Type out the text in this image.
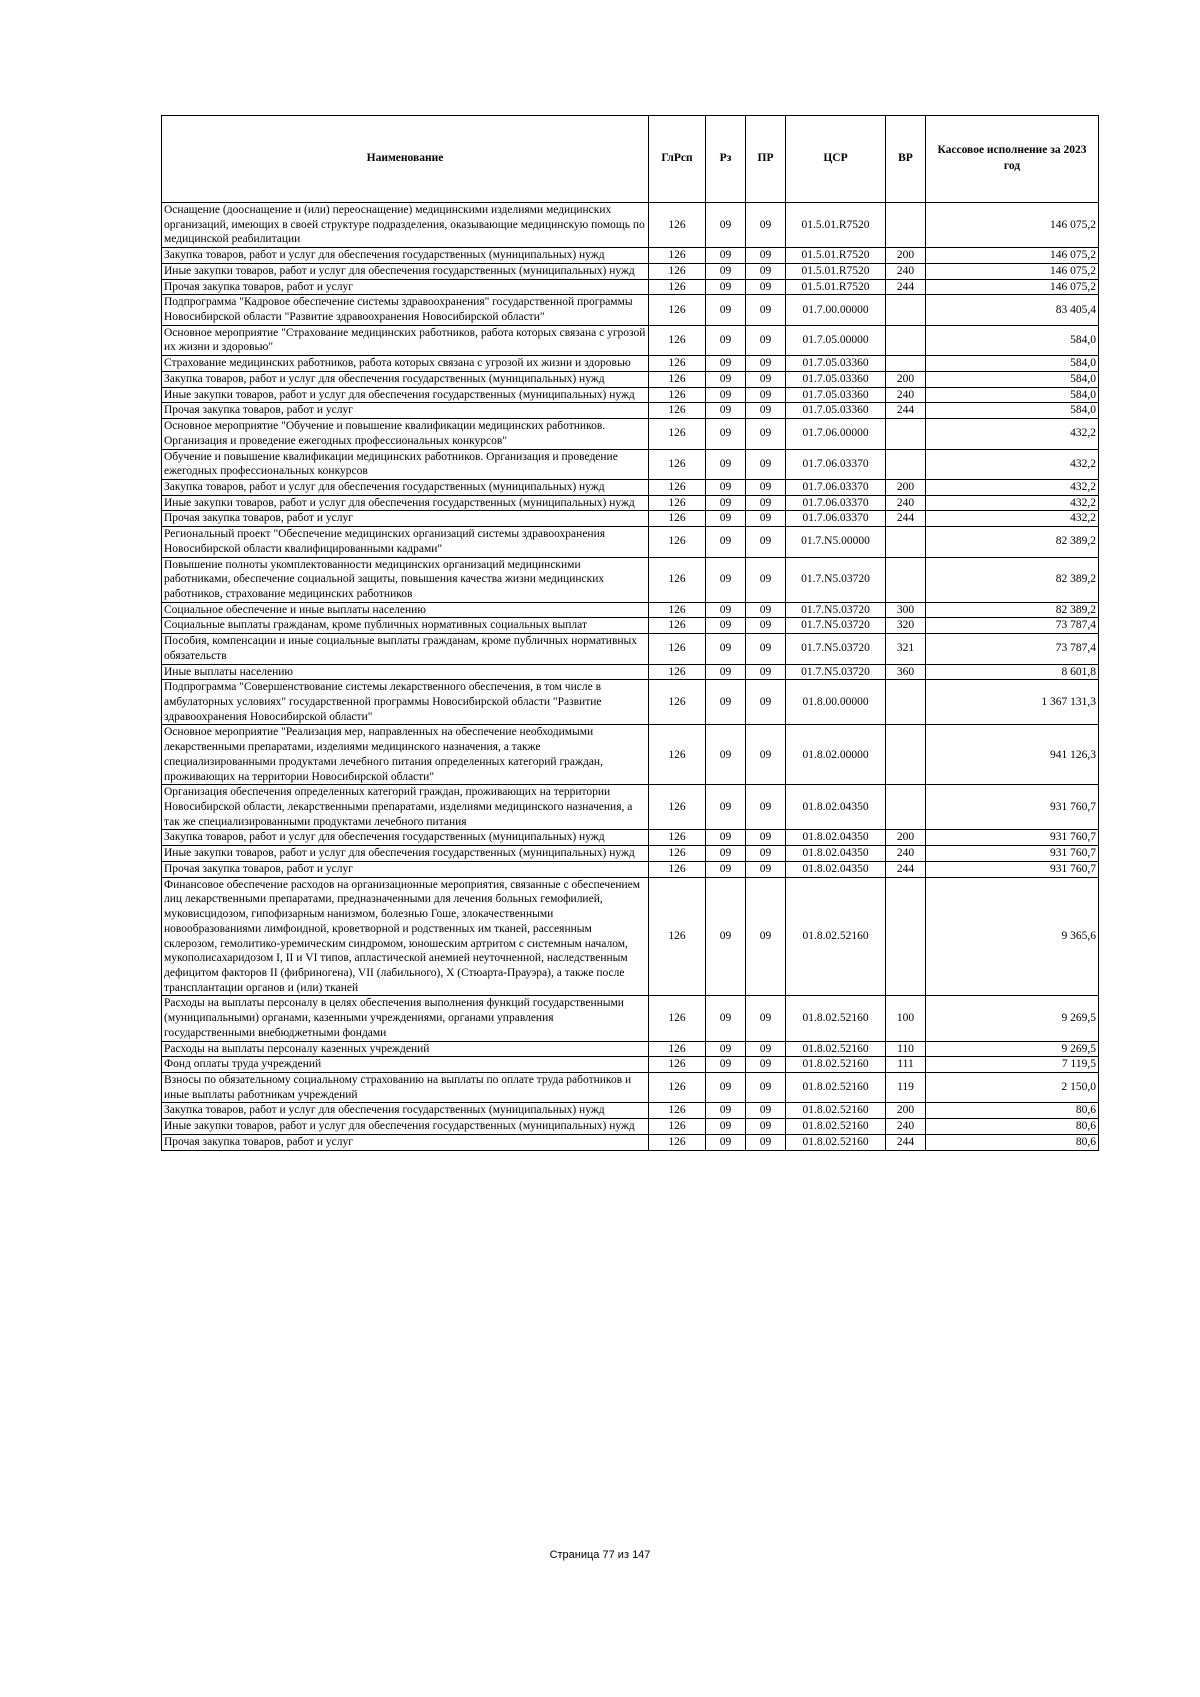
Наименование	ГлРсп	Рз	ПР	ЦСР	ВР	Кассовое исполнение за 2023 год
Оснащение (дооснащение и (или) переоснащение) медицинскими изделиями медицинских организаций, имеющих в своей структуре подразделения, оказывающие медицинскую помощь по медицинской реабилитации	126	09	09	01.5.01.R7520		146 075,2
Закупка товаров, работ и услуг для обеспечения государственных (муниципальных) нужд	126	09	09	01.5.01.R7520	200	146 075,2
Иные закупки товаров, работ и услуг для обеспечения государственных (муниципальных) нужд	126	09	09	01.5.01.R7520	240	146 075,2
Прочая закупка товаров, работ и услуг	126	09	09	01.5.01.R7520	244	146 075,2
Подпрограмма "Кадровое обеспечение системы здравоохранения" государственной программы Новосибирской области "Развитие здравоохранения Новосибирской области"	126	09	09	01.7.00.00000		83 405,4
Основное мероприятие "Страхование медицинских работников, работа которых связана с угрозой их жизни и здоровью"	126	09	09	01.7.05.00000		584,0
Страхование медицинских работников, работа которых связана с угрозой их жизни и здоровью	126	09	09	01.7.05.03360		584,0
Закупка товаров, работ и услуг для обеспечения государственных (муниципальных) нужд	126	09	09	01.7.05.03360	200	584,0
Иные закупки товаров, работ и услуг для обеспечения государственных (муниципальных) нужд	126	09	09	01.7.05.03360	240	584,0
Прочая закупка товаров, работ и услуг	126	09	09	01.7.05.03360	244	584,0
Основное мероприятие "Обучение и повышение квалификации медицинских работников. Организация и проведение ежегодных профессиональных конкурсов"	126	09	09	01.7.06.00000		432,2
Обучение и повышение квалификации медицинских работников. Организация и проведение ежегодных профессиональных конкурсов	126	09	09	01.7.06.03370		432,2
Закупка товаров, работ и услуг для обеспечения государственных (муниципальных) нужд	126	09	09	01.7.06.03370	200	432,2
Иные закупки товаров, работ и услуг для обеспечения государственных (муниципальных) нужд	126	09	09	01.7.06.03370	240	432,2
Прочая закупка товаров, работ и услуг	126	09	09	01.7.06.03370	244	432,2
Региональный проект "Обеспечение медицинских организаций системы здравоохранения Новосибирской области квалифицированными кадрами"	126	09	09	01.7.N5.00000		82 389,2
Повышение полноты укомплектованности медицинских организаций медицинскими работниками, обеспечение социальной защиты, повышения качества жизни медицинских работников, страхование медицинских работников	126	09	09	01.7.N5.03720		82 389,2
Социальное обеспечение и иные выплаты населению	126	09	09	01.7.N5.03720	300	82 389,2
Социальные выплаты гражданам, кроме публичных нормативных социальных выплат	126	09	09	01.7.N5.03720	320	73 787,4
Пособия, компенсации и иные социальные выплаты гражданам, кроме публичных нормативных обязательств	126	09	09	01.7.N5.03720	321	73 787,4
Иные выплаты населению	126	09	09	01.7.N5.03720	360	8 601,8
Подпрограмма "Совершенствование системы лекарственного обеспечения, в том числе в амбулаторных условиях" государственной программы Новосибирской области "Развитие здравоохранения Новосибирской области"	126	09	09	01.8.00.00000		1 367 131,3
Основное мероприятие "Реализация мер, направленных на обеспечение необходимыми лекарственными препаратами, изделиями медицинского назначения, а также специализированными продуктами лечебного питания определенных категорий граждан, проживающих на территории Новосибирской области"	126	09	09	01.8.02.00000		941 126,3
Организация обеспечения определенных категорий граждан, проживающих на территории Новосибирской области, лекарственными препаратами, изделиями медицинского назначения, а так же специализированными продуктами лечебного питания	126	09	09	01.8.02.04350		931 760,7
Закупка товаров, работ и услуг для обеспечения государственных (муниципальных) нужд	126	09	09	01.8.02.04350	200	931 760,7
Иные закупки товаров, работ и услуг для обеспечения государственных (муниципальных) нужд	126	09	09	01.8.02.04350	240	931 760,7
Прочая закупка товаров, работ и услуг	126	09	09	01.8.02.04350	244	931 760,7
Финансовое обеспечение расходов на организационные мероприятия, связанные с обеспечением лиц лекарственными препаратами, предназначенными для лечения больных гемофилией, муковисцидозом, гипофизарным нанизмом, болезнью Гоше, злокачественными новообразованиями лимфоидной, кроветворной и родственных им тканей, рассеянным склерозом, гемолитико-уремическим синдромом, юношеским артритом с системным началом, мукополисахаридозом I, II и VI типов, апластической анемией неуточненной, наследственным дефицитом факторов II (фибриногена), VII (лабильного), X (Стюарта-Прауэра), а также после трансплантации органов и (или) тканей	126	09	09	01.8.02.52160		9 365,6
Расходы на выплаты персоналу в целях обеспечения выполнения функций государственными (муниципальными) органами, казенными учреждениями, органами управления государственными внебюджетными фондами	126	09	09	01.8.02.52160	100	9 269,5
Расходы на выплаты персоналу казенных учреждений	126	09	09	01.8.02.52160	110	9 269,5
Фонд оплаты труда учреждений	126	09	09	01.8.02.52160	111	7 119,5
Взносы по обязательному социальному страхованию на выплаты по оплате труда работников и иные выплаты работникам учреждений	126	09	09	01.8.02.52160	119	2 150,0
Закупка товаров, работ и услуг для обеспечения государственных (муниципальных) нужд	126	09	09	01.8.02.52160	200	80,6
Иные закупки товаров, работ и услуг для обеспечения государственных (муниципальных) нужд	126	09	09	01.8.02.52160	240	80,6
Прочая закупка товаров, работ и услуг	126	09	09	01.8.02.52160	244	80,6
Страница 77 из 147
